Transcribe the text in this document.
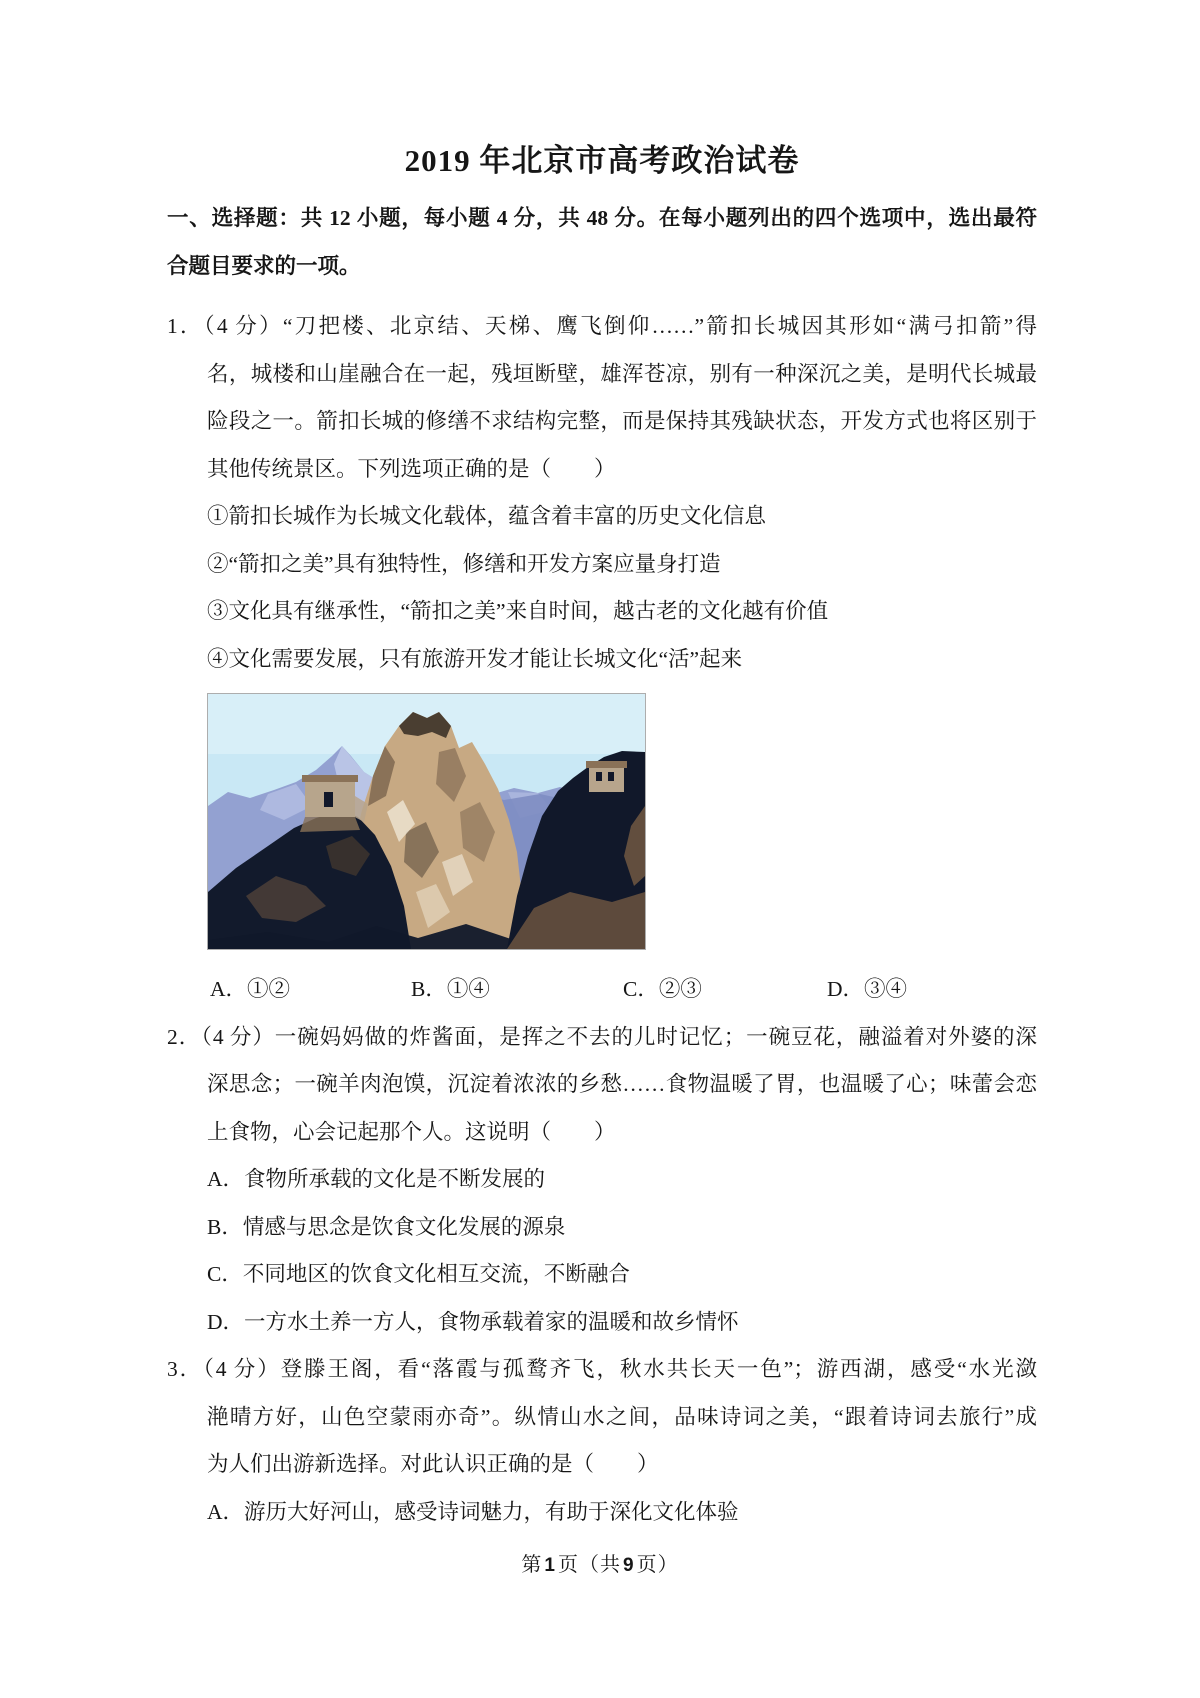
2019 年北京市高考政治试卷
一、选择题：共 12 小题，每小题 4 分，共 48 分。在每小题列出的四个选项中，选出最符
合题目要求的一项。
1．（4 分）“刀把楼、北京结、天梯、鹰飞倒仰……”箭扣长城因其形如“满弓扣箭”得
名，城楼和山崖融合在一起，残垣断壁，雄浑苍凉，别有一种深沉之美，是明代长城最
险段之一。箭扣长城的修缮不求结构完整，而是保持其残缺状态，开发方式也将区别于
其他传统景区。下列选项正确的是（　　）
①箭扣长城作为长城文化载体，蕴含着丰富的历史文化信息
②“箭扣之美”具有独特性，修缮和开发方案应量身打造
③文化具有继承性，“箭扣之美”来自时间，越古老的文化越有价值
④文化需要发展，只有旅游开发才能让长城文化“活”起来
A．①②	B．①④	C．②③	D．③④
2．（4 分）一碗妈妈做的炸酱面，是挥之不去的儿时记忆；一碗豆花，融溢着对外婆的深
深思念；一碗羊肉泡馍，沉淀着浓浓的乡愁……食物温暖了胃，也温暖了心；味蕾会恋
上食物，心会记起那个人。这说明（　　）
A．食物所承载的文化是不断发展的
B．情感与思念是饮食文化发展的源泉
C．不同地区的饮食文化相互交流，不断融合
D．一方水土养一方人，食物承载着家的温暖和故乡情怀
3．（4 分）登滕王阁，看“落霞与孤鹜齐飞，秋水共长天一色”；游西湖，感受“水光潋
滟晴方好，山色空蒙雨亦奇”。纵情山水之间，品味诗词之美，“跟着诗词去旅行”成
为人们出游新选择。对此认识正确的是（　　）
A．游历大好河山，感受诗词魅力，有助于深化文化体验
第 1 页（共 9 页）
